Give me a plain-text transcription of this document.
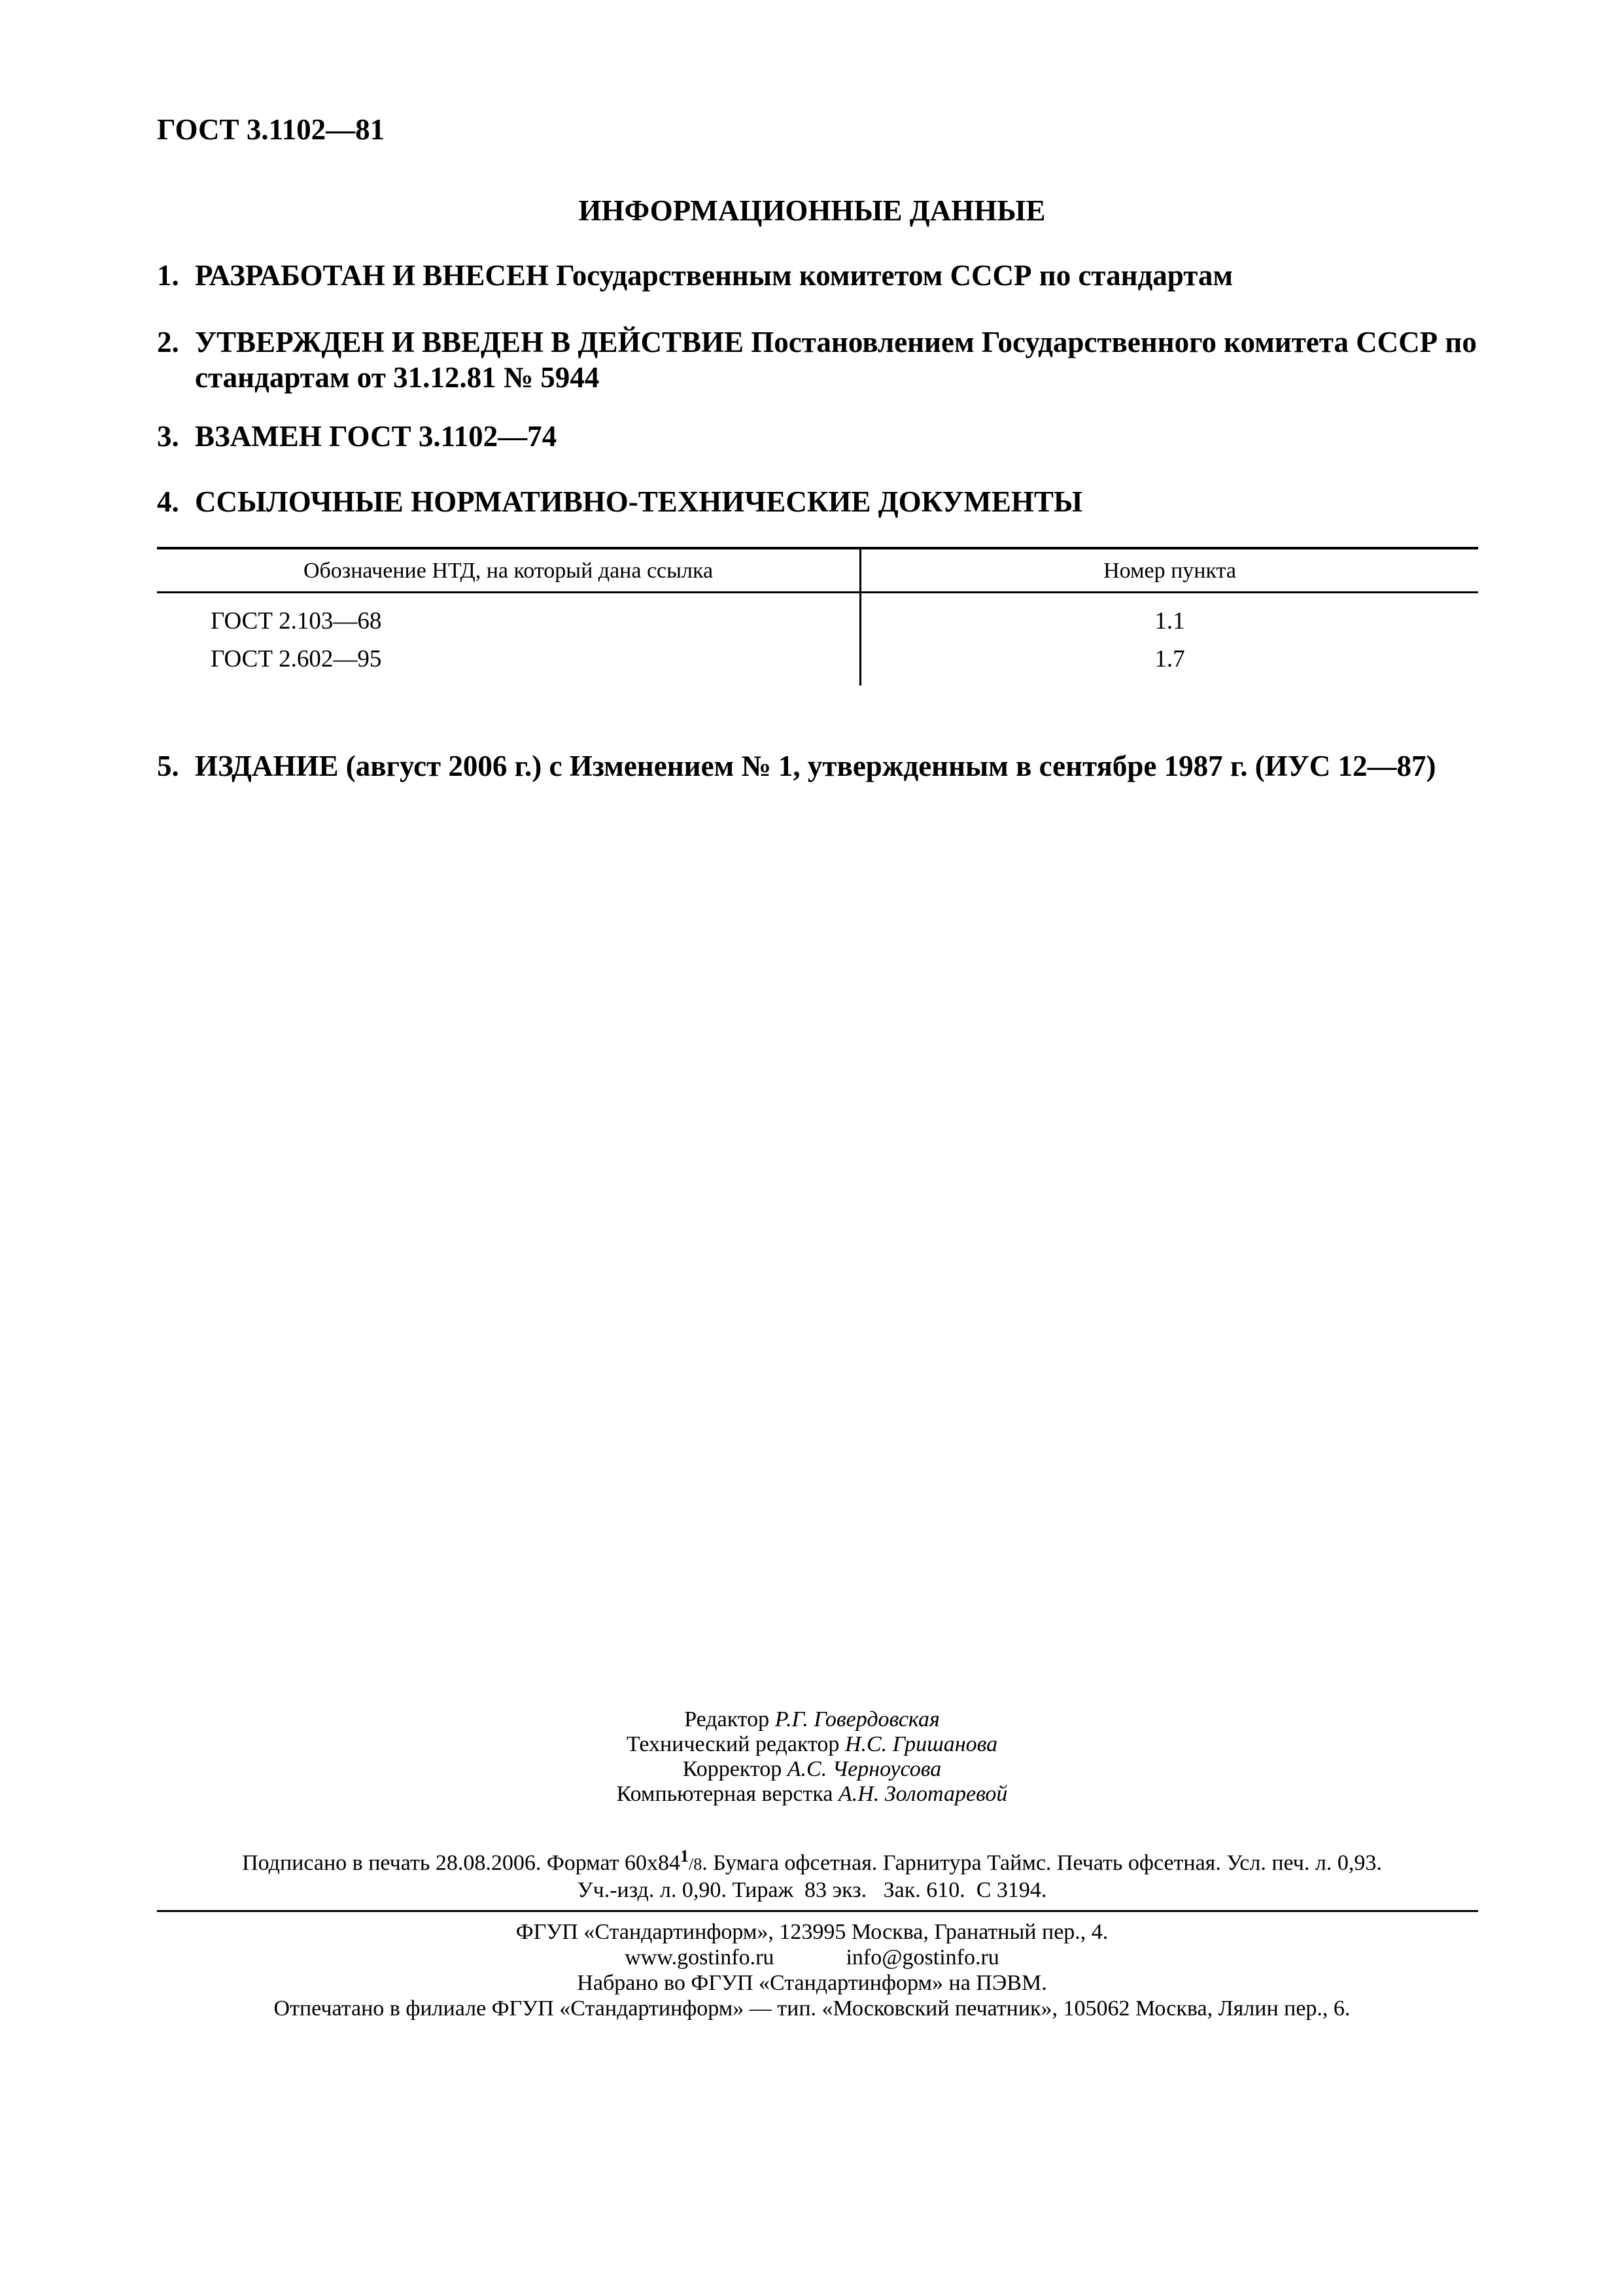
ГОСТ 3.1102—81
ИНФОРМАЦИОННЫЕ ДАННЫЕ
1. РАЗРАБОТАН И ВНЕСЕН Государственным комитетом СССР по стандартам
2. УТВЕРЖДЕН И ВВЕДЕН В ДЕЙСТВИЕ Постановлением Государственного комитета СССР по стандартам от 31.12.81 № 5944
3. ВЗАМЕН ГОСТ 3.1102—74
4. ССЫЛОЧНЫЕ НОРМАТИВНО-ТЕХНИЧЕСКИЕ ДОКУМЕНТЫ
Обозначение НТД, на который дана ссылка	Номер пункта
ГОСТ 2.103—68	1.1
ГОСТ 2.602—95	1.7
5. ИЗДАНИЕ (август 2006 г.) с Изменением № 1, утвержденным в сентябре 1987 г. (ИУС 12—87)
Редактор Р.Г. Говердовская
Технический редактор Н.С. Гришанова
Корректор А.С. Черноусова
Компьютерная верстка А.Н. Золотаревой
Подписано в печать 28.08.2006. Формат $60x84^1/8$. Бумага офсетная. Гарнитура Таймс. Печать офсетная. Усл. печ. л. 0,93.
Уч.-изд. л. 0,90. Тираж  83 экз.   Зак. 610.  С 3194.
ФГУП «Стандартинформ», 123995 Москва, Гранатный пер., 4.
www.gostinfo.ru	info@gostinfo.ru
Набрано во ФГУП «Стандартинформ» на ПЭВМ.
Отпечатано в филиале ФГУП «Стандартинформ» — тип. «Московский печатник», 105062 Москва, Лялин пер., 6.
